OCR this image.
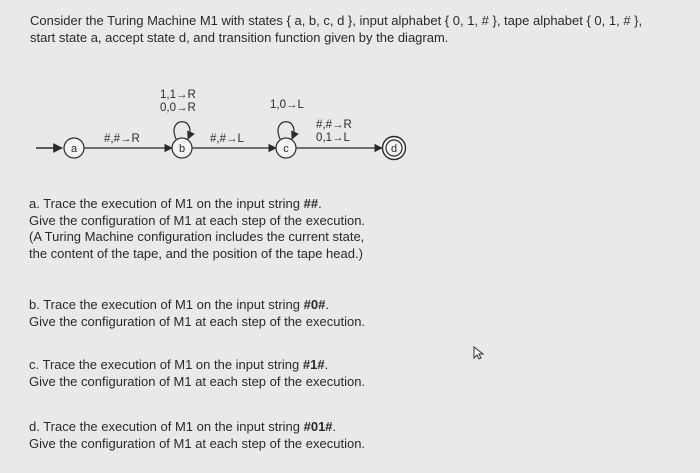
Consider the Turing Machine M1 with states { a, b, c, d }, input alphabet { 0, 1, # }, tape alphabet { 0, 1, # },
start state a, accept state d, and transition function given by the diagram.
a
#,#→R
b
1,1→R
0,0→R
#,#→L
c
1,0→L
#,#→R
0,1→L
d

a. Trace the execution of M1 on the input string ##.

Give the configuration of M1 at each step of the execution.

(A Turing Machine configuration includes the current state,

the content of the tape, and the position of the tape head.)

b. Trace the execution of M1 on the input string #0#.

Give the configuration of M1 at each step of the execution.

c. Trace the execution of M1 on the input string #1#.

Give the configuration of M1 at each step of the execution.

d. Trace the execution of M1 on the input string #01#.

Give the configuration of M1 at each step of the execution.
